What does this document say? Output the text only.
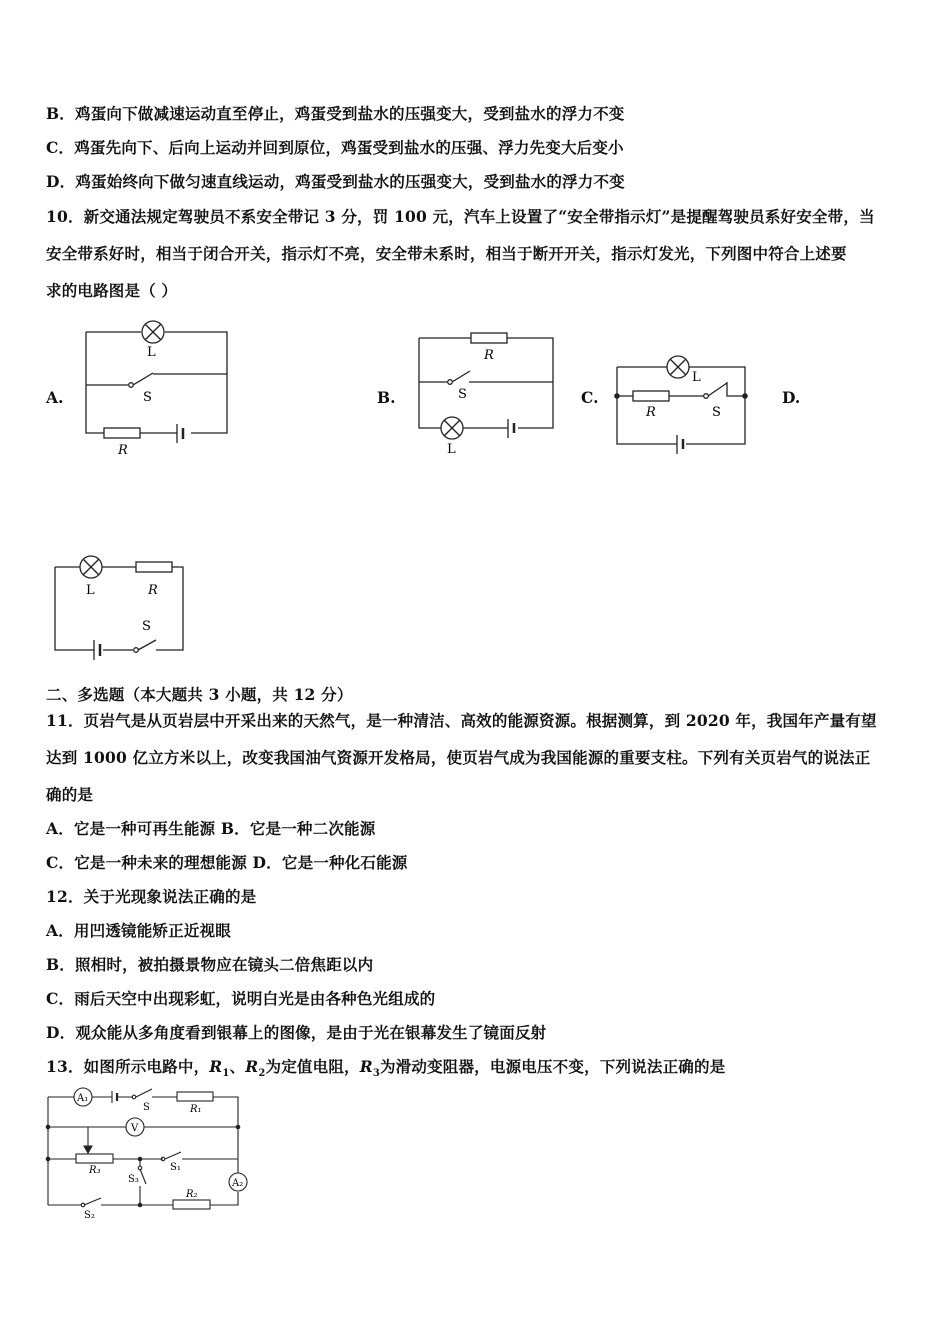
B．鸡蛋向下做减速运动直至停止，鸡蛋受到盐水的压强变大，受到盐水的浮力不变
C．鸡蛋先向下、后向上运动并回到原位，鸡蛋受到盐水的压强、浮力先变大后变小
D．鸡蛋始终向下做匀速直线运动，鸡蛋受到盐水的压强变大，受到盐水的浮力不变
10．新交通法规定驾驶员不系安全带记 3 分，罚 100 元，汽车上设置了“安全带指示灯”是提醒驾驶员系好安全带，当
安全带系好时，相当于闭合开关，指示灯不亮，安全带未系时，相当于断开开关，指示灯发光，下列图中符合上述要
求的电路图是（ ）
A.	B.	C.	D.
L
S
R
R
S
L
L
R	S
L	R
S
二、多选题（本大题共 3 小题，共 12 分）
11．页岩气是从页岩层中开采出来的天然气，是一种清洁、高效的能源资源。根据测算，到 2020 年，我国年产量有望
达到 1000 亿立方米以上，改变我国油气资源开发格局，使页岩气成为我国能源的重要支柱。下列有关页岩气的说法正
确的是
A．它是一种可再生能源 B．它是一种二次能源
C．它是一种未来的理想能源 D．它是一种化石能源
12．关于光现象说法正确的是
A．用凹透镜能矫正近视眼
B．照相时，被拍摄景物应在镜头二倍焦距以内
C．雨后天空中出现彩虹，说明白光是由各种色光组成的
D．观众能从多角度看到银幕上的图像，是由于光在银幕发生了镜面反射
13．如图所示电路中，$R_1$、$R_2$为定值电阻，$R_3$为滑动变阻器，电源电压不变，下列说法正确的是
A₁
V
A₂
S	R₁
R₃	S₁
S₃
R₂
S₂
